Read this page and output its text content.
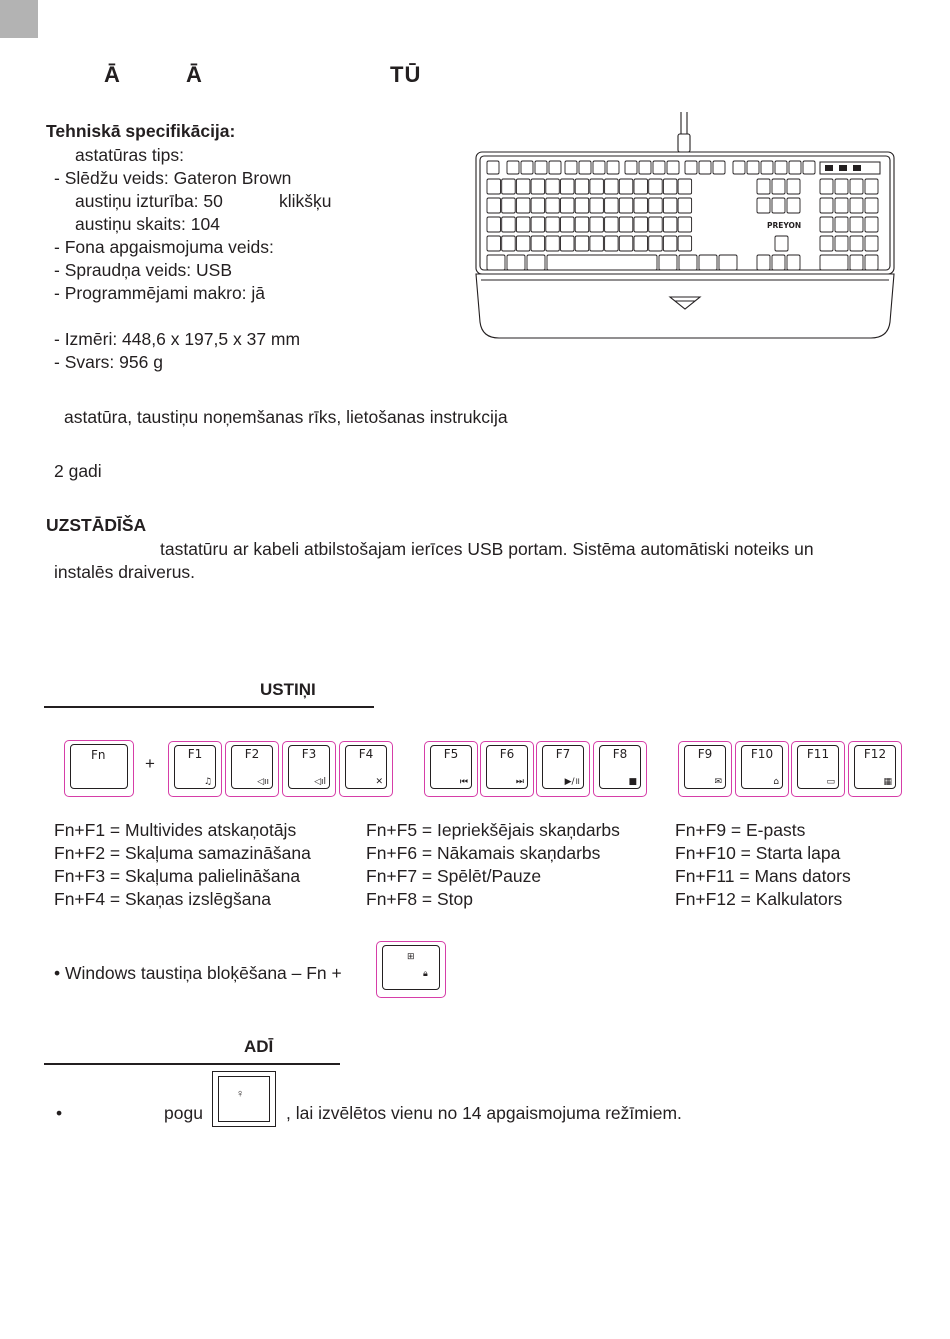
Ā	Ā	TŪ
Tehniskā specifikācija:
astatūras tips:
- Slēdžu veids: Gateron Brown
austiņu izturība: 50	klikšķu
austiņu skaits: 104
- Fona apgaismojuma veids:
- Spraudņa veids: USB
- Programmējami makro: jā
- Izmēri: 448,6 x 197,5 x 37 mm
- Svars: 956 g
astatūra, taustiņu noņemšanas rīks, lietošanas instrukcija
2 gadi
UZSTĀDĪŠA
tastatūru ar kabeli atbilstošajam ierīces USB portam. Sistēma automātiski noteiks un
instalēs draiverus.
PREYON
USTIŅI
Fn	+	F1
♫
F2
◁ıı
F3
◁ıl
F4
✕
F5
⏮
F6
⏭
F7
▶/॥
F8
■
F9
✉
F10
⌂
F11
▭
F12
▦
Fn+F1 = Multivides atskaņotājs
Fn+F2 = Skaļuma samazināšana
Fn+F3 = Skaļuma palielināšana
Fn+F4 = Skaņas izslēgšana
Fn+F5 = Iepriekšējais skaņdarbs
Fn+F6 = Nākamais skaņdarbs
Fn+F7 = Spēlēt/Pauze
Fn+F8 = Stop
Fn+F9 = E-pasts
Fn+F10 = Starta lapa
Fn+F11 = Mans dators
Fn+F12 = Kalkulators
• Windows taustiņa bloķēšana – Fn +
⊞
🔒︎
ADĪ
•	pogu
♀
, lai izvēlētos vienu no 14 apgaismojuma režīmiem.
